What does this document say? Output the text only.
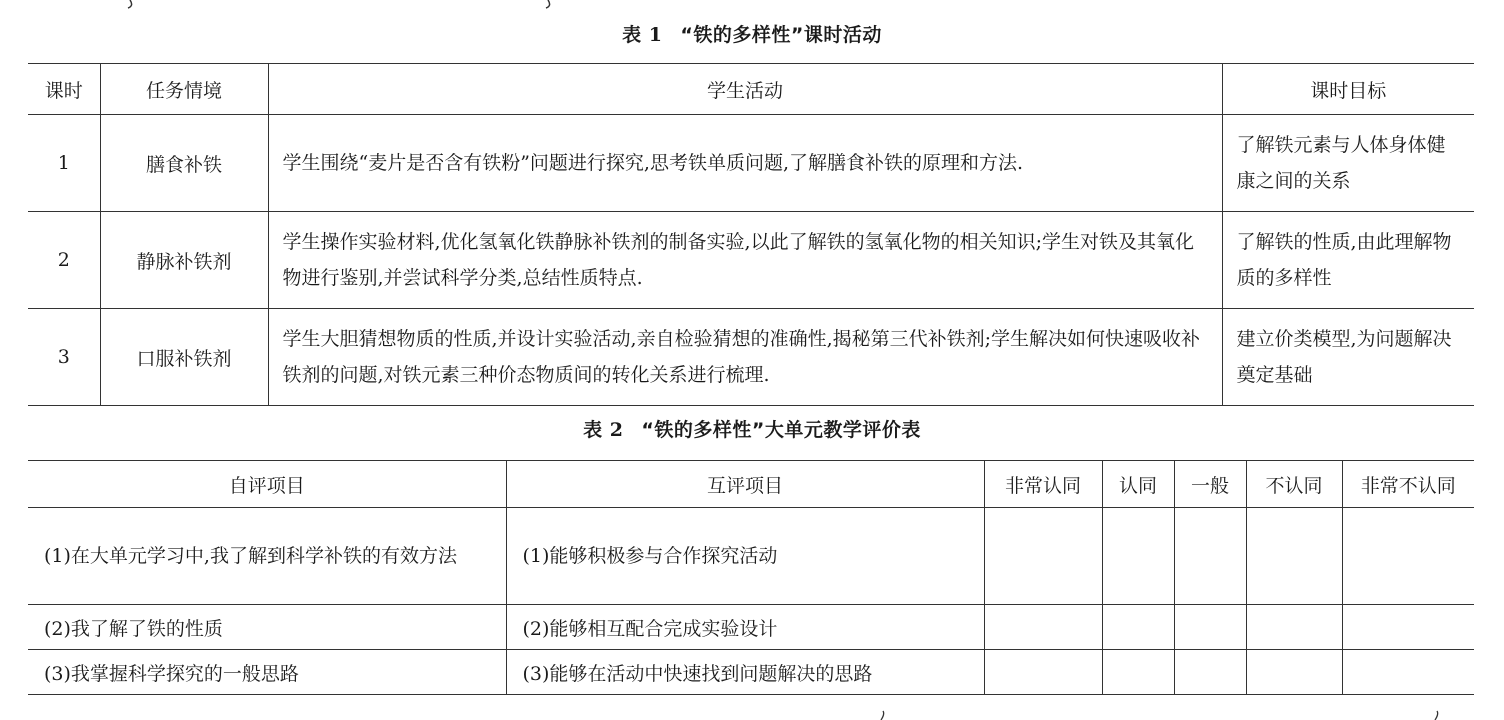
表 1 “铁的多样性”课时活动
课时	任务情境	学生活动	课时目标
1	膳食补铁	学生围绕“麦片是否含有铁粉”问题进行探究,思考铁单质问题,了解膳食补铁的原理和方法.	了解铁元素与人体身体健康之间的关系
2	静脉补铁剂	学生操作实验材料,优化氢氧化铁静脉补铁剂的制备实验,以此了解铁的氢氧化物的相关知识;学生对铁及其氧化物进行鉴别,并尝试科学分类,总结性质特点.	了解铁的性质,由此理解物质的多样性
3	口服补铁剂	学生大胆猜想物质的性质,并设计实验活动,亲自检验猜想的准确性,揭秘第三代补铁剂;学生解决如何快速吸收补铁剂的问题,对铁元素三种价态物质间的转化关系进行梳理.	建立价类模型,为问题解决奠定基础
表 2 “铁的多样性”大单元教学评价表
自评项目	互评项目	非常认同	认同	一般	不认同	非常不认同
(1)在大单元学习中,我了解到科学补铁的有效方法	(1)能够积极参与合作探究活动					
(2)我了解了铁的性质	(2)能够相互配合完成实验设计					
(3)我掌握科学探究的一般思路	(3)能够在活动中快速找到问题解决的思路					
